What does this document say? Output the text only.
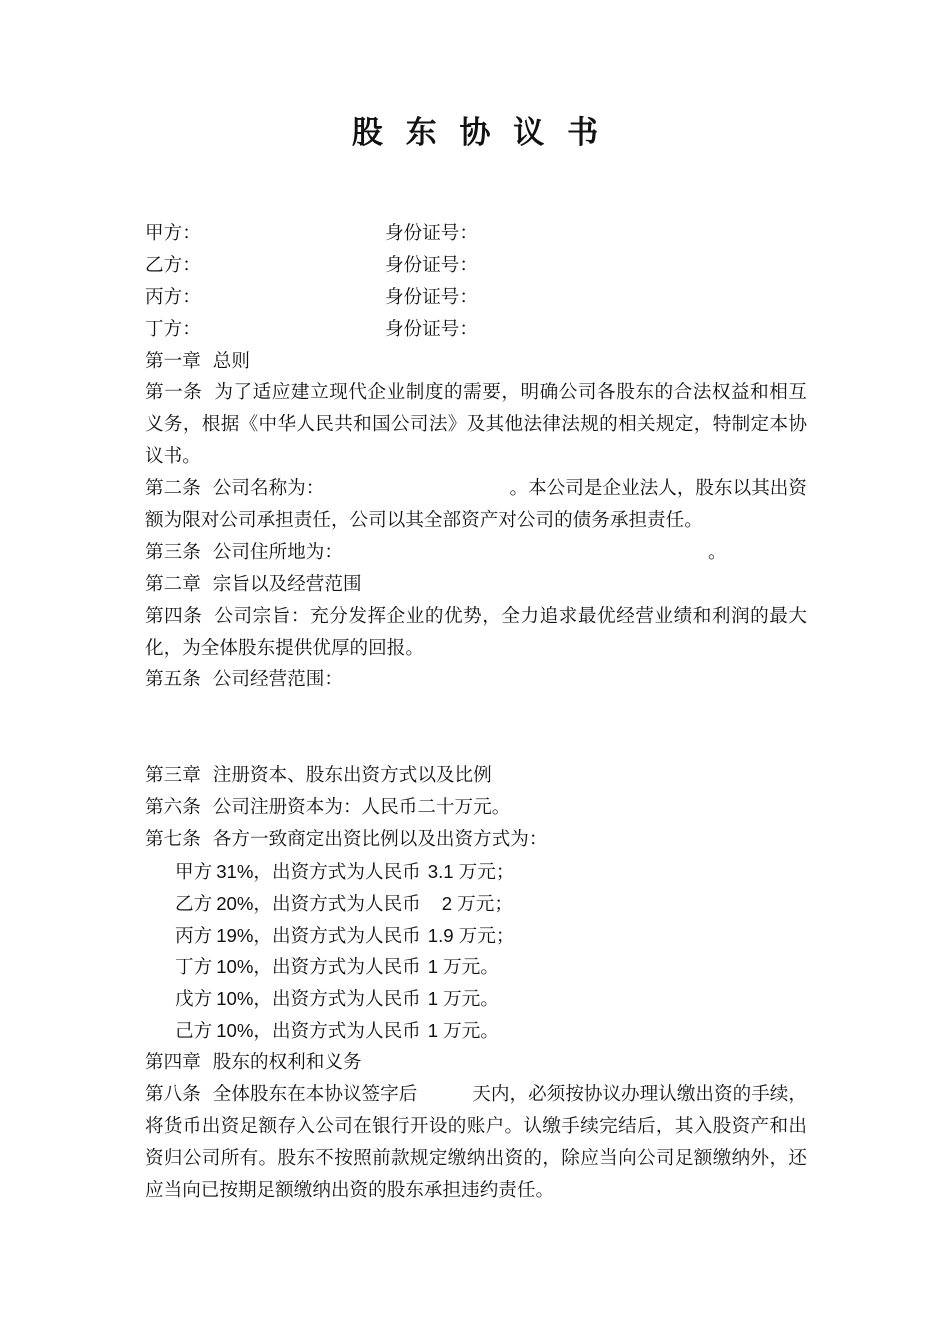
股 东 协 议 书
甲方：	身份证号：
乙方：	身份证号：
丙方：	身份证号：
丁方：	身份证号：
第一章 总则
第一条 为了适应建立现代企业制度的需要，明确公司各股东的合法权益和相互
义务，根据《中华人民共和国公司法》及其他法律法规的相关规定，特制定本协
议书。
第二条 公司名称为：	。本公司是企业法人，股东以其出资
额为限对公司承担责任，公司以其全部资产对公司的债务承担责任。
第三条 公司住所地为：	。
第二章 宗旨以及经营范围
第四条 公司宗旨：充分发挥企业的优势，全力追求最优经营业绩和利润的最大
化，为全体股东提供优厚的回报。
第五条 公司经营范围：
第三章 注册资本、股东出资方式以及比例
第六条 公司注册资本为：人民币二十万元。
第七条 各方一致商定出资比例以及出资方式为：
甲方 31%，出资方式为人民币 3.1 万元；
乙方 20%，出资方式为人民币 2 万元；
丙方 19%，出资方式为人民币 1.9 万元；
丁方 10%，出资方式为人民币 1 万元。
戊方 10%，出资方式为人民币 1 万元。
己方 10%，出资方式为人民币 1 万元。
第四章 股东的权利和义务
第八条 全体股东在本协议签字后	天内，必须按协议办理认缴出资的手续，
将货币出资足额存入公司在银行开设的账户。认缴手续完结后，其入股资产和出
资归公司所有。股东不按照前款规定缴纳出资的，除应当向公司足额缴纳外，还
应当向已按期足额缴纳出资的股东承担违约责任。
